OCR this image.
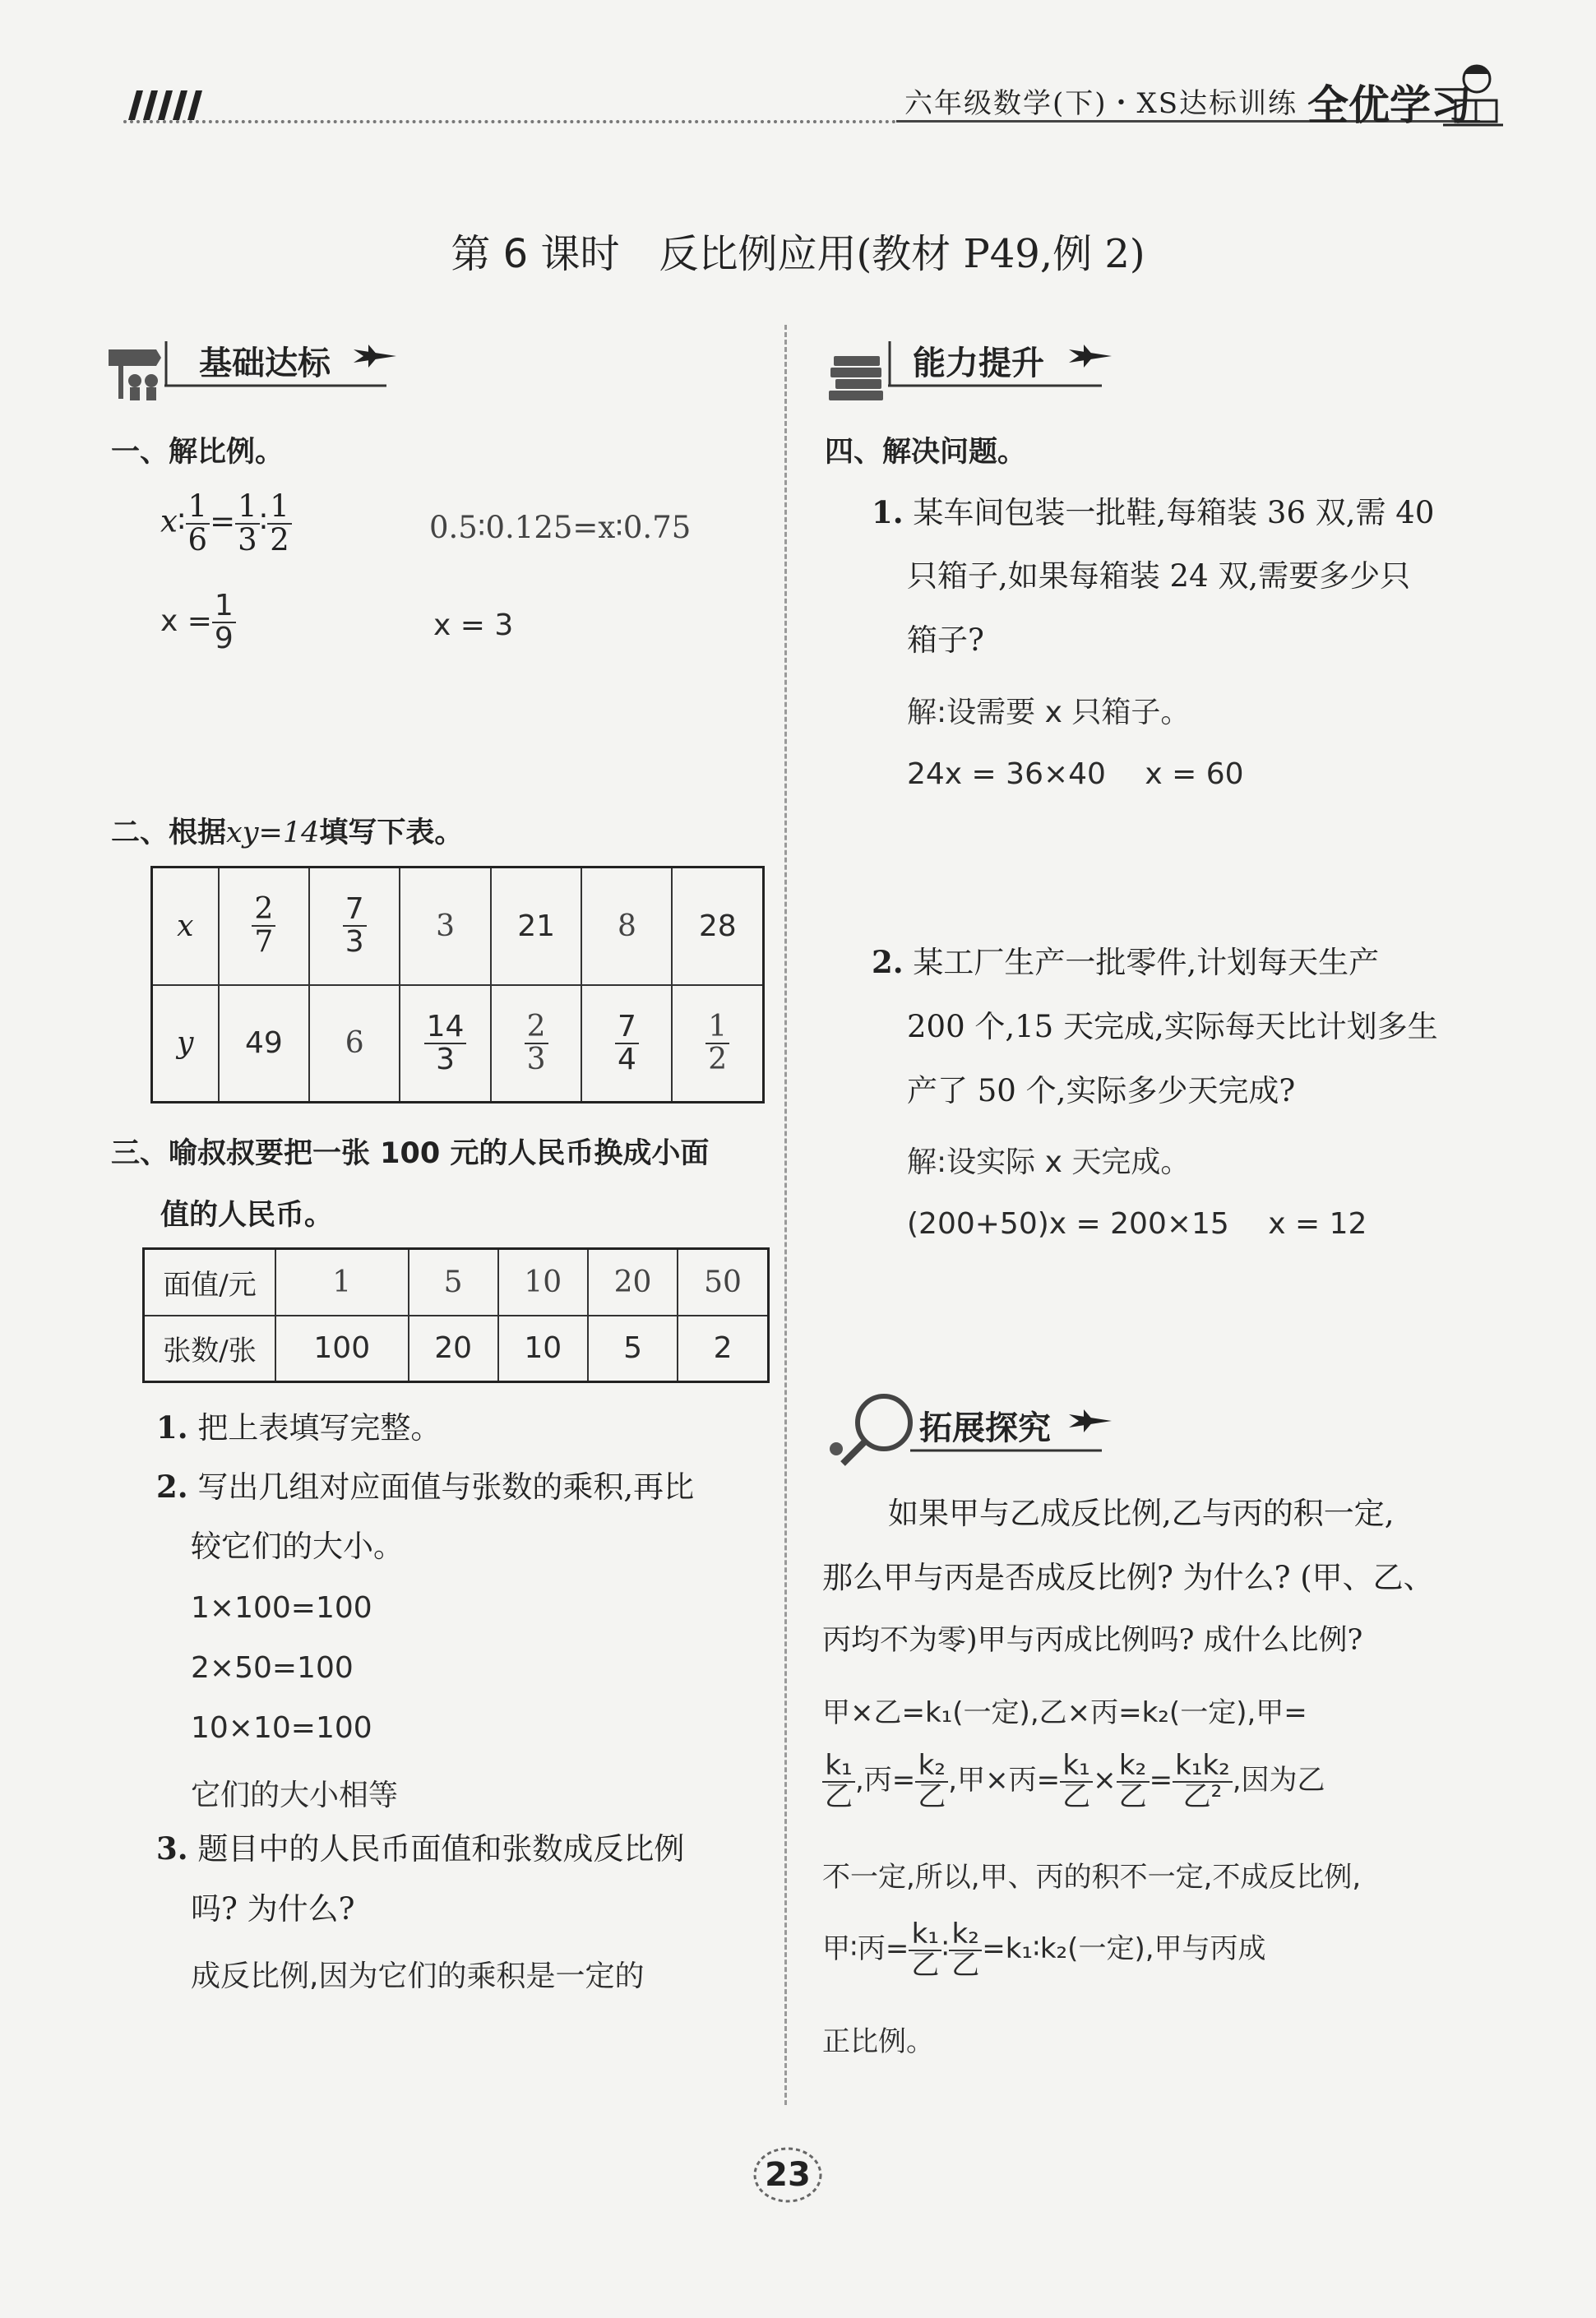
六年级数学(下)・XS达标训练 全优学习
第 6 课时　反比例应用(教材 P49,例 2)
基础达标
一、解比例。
x∶ $\frac{1}{6} = \frac{1}{3}$ ∶ $\frac{1}{2}$	0.5∶0.125=x∶0.75
$x = \frac{1}{9}$	x = 3
二、根据xy=14填写下表。
x	$\frac{2}{7}$	$\frac{7}{3}$	3	21	8	28
y	49	6	$\frac{14}{3}$	$\frac{2}{3}$	$\frac{7}{4}$	$\frac{1}{2}$
三、喻叔叔要把一张 100 元的人民币换成小面
值的人民币。
面值/元	1	5	10	20	50
张数/张	100	20	10	5	2
1. 把上表填写完整。
2. 写出几组对应面值与张数的乘积,再比
较它们的大小。
1×100=100
2×50=100
10×10=100
它们的大小相等
3. 题目中的人民币面值和张数成反比例
吗? 为什么?
成反比例,因为它们的乘积是一定的
能力提升
四、解决问题。
1. 某车间包装一批鞋,每箱装 36 双,需 40
只箱子,如果每箱装 24 双,需要多少只
箱子?
解:设需要 x 只箱子。
24x = 36×40　 x = 60
2. 某工厂生产一批零件,计划每天生产
200 个,15 天完成,实际每天比计划多生
产了 50 个,实际多少天完成?
解:设实际 x 天完成。
(200+50)x = 200×15　 x = 12
拓展探究
如果甲与乙成反比例,乙与丙的积一定,
那么甲与丙是否成反比例? 为什么? (甲、乙、
丙均不为零)甲与丙成比例吗? 成什么比例?
甲×乙=k₁(一定),乙×丙=k₂(一定),甲=
$\frac{\text{k₁}}{\text{乙}}$ ,丙= $\frac{\text{k₂}}{\text{乙}}$ ,甲×丙= $\frac{\text{k₁}}{\text{乙}} \times \frac{\text{k₂}}{\text{乙}} = \frac{\text{k₁k₂}}{\text{乙²}}$ ,因为乙
不一定,所以,甲、丙的积不一定,不成反比例,
甲∶丙= $\frac{\text{k₁}}{\text{乙}}$ ∶ $\frac{\text{k₂}}{\text{乙}}$ =k₁∶k₂(一定),甲与丙成
正比例。
23
